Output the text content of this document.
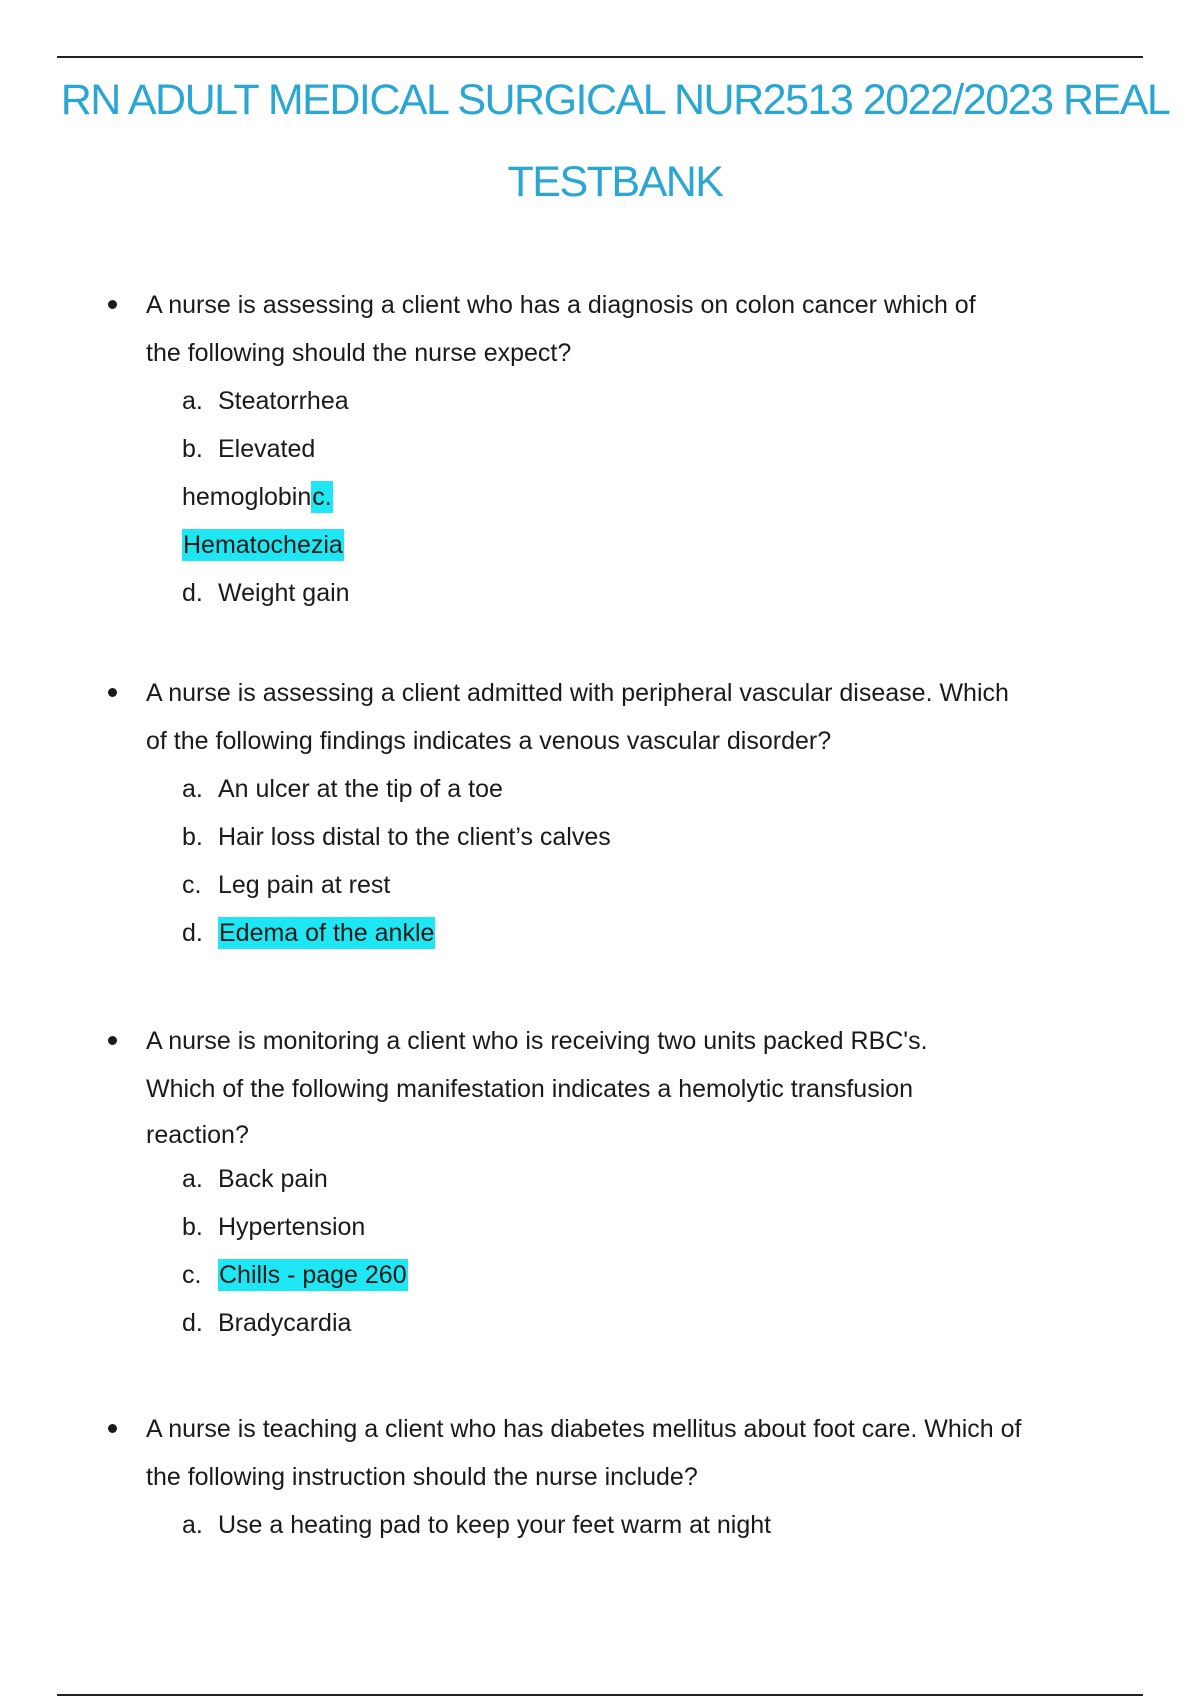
RN ADULT MEDICAL SURGICAL NUR2513 2022/2023 REAL
TESTBANK
A nurse is assessing a client who has a diagnosis on colon cancer which of
the following should the nurse expect?
a. Steatorrhea
b. Elevated
hemoglobinc.
Hematochezia
d. Weight gain
A nurse is assessing a client admitted with peripheral vascular disease. Which
of the following findings indicates a venous vascular disorder?
a. An ulcer at the tip of a toe
b. Hair loss distal to the client’s calves
c. Leg pain at rest
d. Edema of the ankle
A nurse is monitoring a client who is receiving two units packed RBC's.
Which of the following manifestation indicates a hemolytic transfusion
reaction?
a. Back pain
b. Hypertension
c. Chills - page 260
d. Bradycardia
A nurse is teaching a client who has diabetes mellitus about foot care. Which of
the following instruction should the nurse include?
a. Use a heating pad to keep your feet warm at night
